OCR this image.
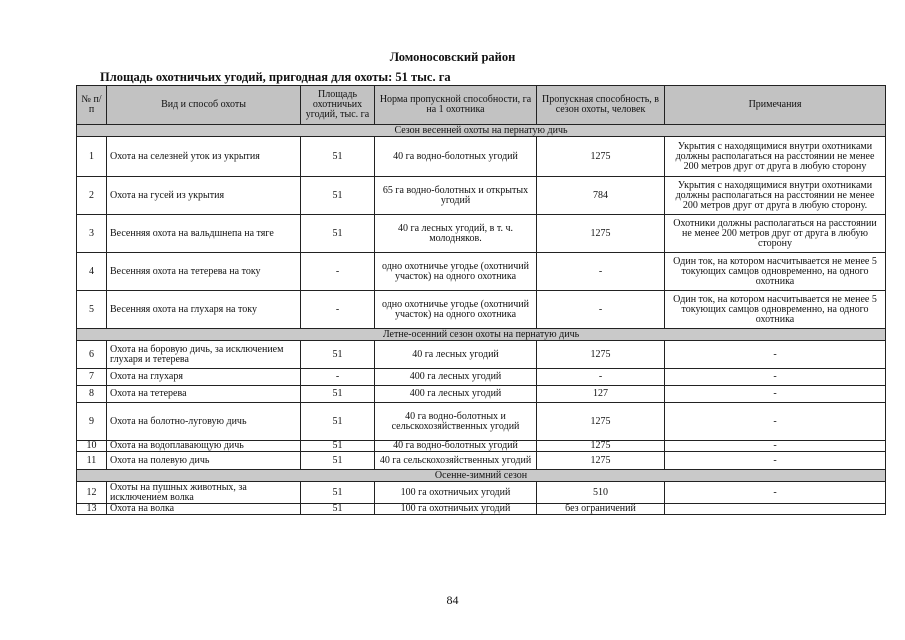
Ломоносовский район
Площадь охотничьих угодий, пригодная для охоты: 51 тыс. га
№ п/п	Вид и способ охоты	Площадь охотничьих угодий, тыс. га	Норма пропускной способности, га на 1 охотника	Пропускная способность, в сезон охоты, человек	Примечания
Сезон весенней охоты на пернатую дичь					
1	Охота на селезней уток из укрытия	51	40 га водно-болотных угодий	1275	Укрытия с находящимися внутри охотниками должны располагаться на расстоянии не менее 200 метров друг от друга в любую сторону
2	Охота на гусей из укрытия	51	65 га водно-болотных и открытых угодий	784	Укрытия с находящимися внутри охотниками должны располагаться на расстоянии не менее 200 метров друг от друга в любую сторону.
3	Весенняя охота на вальдшнепа на тяге	51	40 га лесных угодий, в т. ч. молодняков.	1275	Охотники должны располагаться на расстоянии не менее 200 метров друг от друга в любую сторону
4	Весенняя охота на тетерева на току	-	одно охотничье угодье (охотничий участок) на одного охотника	-	Один ток, на котором насчитывается не менее 5 токующих самцов одновременно, на одного охотника
5	Весенняя охота на глухаря на току	-	одно охотничье угодье (охотничий участок) на одного охотника	-	Один ток, на котором насчитывается не менее 5 токующих самцов одновременно, на одного охотника
Летне-осенний сезон охоты на пернатую дичь					
6	Охота на боровую дичь, за исключением глухаря и тетерева	51	40 га лесных угодий	1275	-
7	Охота на глухаря	-	400 га лесных угодий	-	-
8	Охота на тетерева	51	400 га лесных угодий	127	-
9	Охота на болотно-луговую дичь	51	40 га водно-болотных и сельскохозяйственных угодий	1275	-
10	Охота на водоплавающую дичь	51	40 га водно-болотных угодий	1275	-
11	Охота на полевую дичь	51	40 га сельскохозяйственных угодий	1275	-
Осенне-зимний сезон					
12	Охоты на пушных животных, за исключением волка	51	100 га охотничьих угодий	510	-
13	Охота на волка	51	100 га охотничьих угодий	без ограничений	
84
